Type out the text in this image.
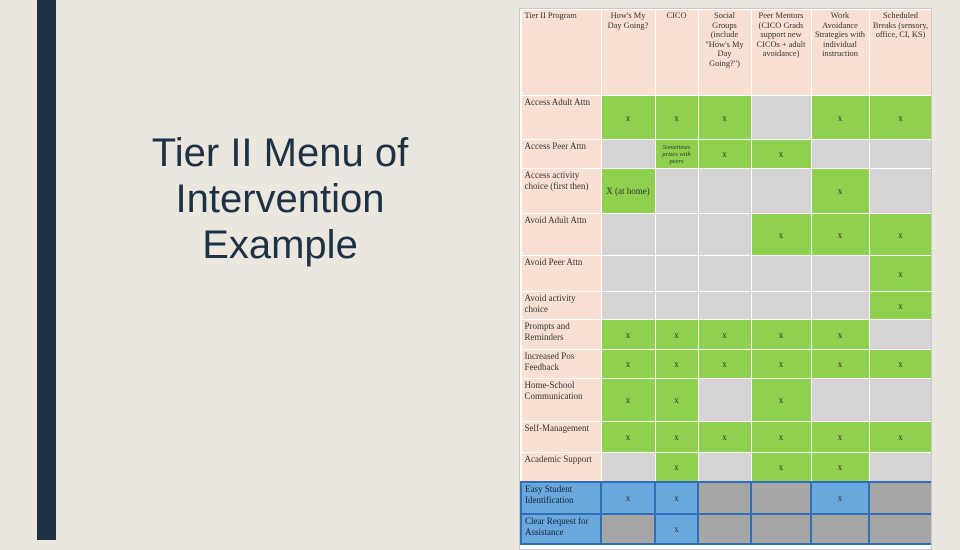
Tier II Menu of
Intervention
Example
Tier II Program	How's My Day Going?	CICO	Social Groups (include "How's My Day Going?")	Peer Mentors (CICO Grads support new CICOs + adult avoidance)	Work Avoidance Strategies with individual instruction	Scheduled Breaks (sensory, office, CI, KS)
Access Adult Attn	x	x	x		x	x
Access Peer Attn		Sometimes prizes with peers	x	x		
Access activity choice (first then)	X (at home)				x	
Avoid Adult Attn				x	x	x
Avoid Peer Attn						x
Avoid activity choice						x
Prompts and Reminders	x	x	x	x	x	
Increased Pos Feedback	x	x	x	x	x	x
Home-School Communication	x	x		x		
Self-Management	x	x	x	x	x	x
Academic Support		x		x	x	
Easy Student Identification	x	x			x	
Clear Request for Assistance		x				
